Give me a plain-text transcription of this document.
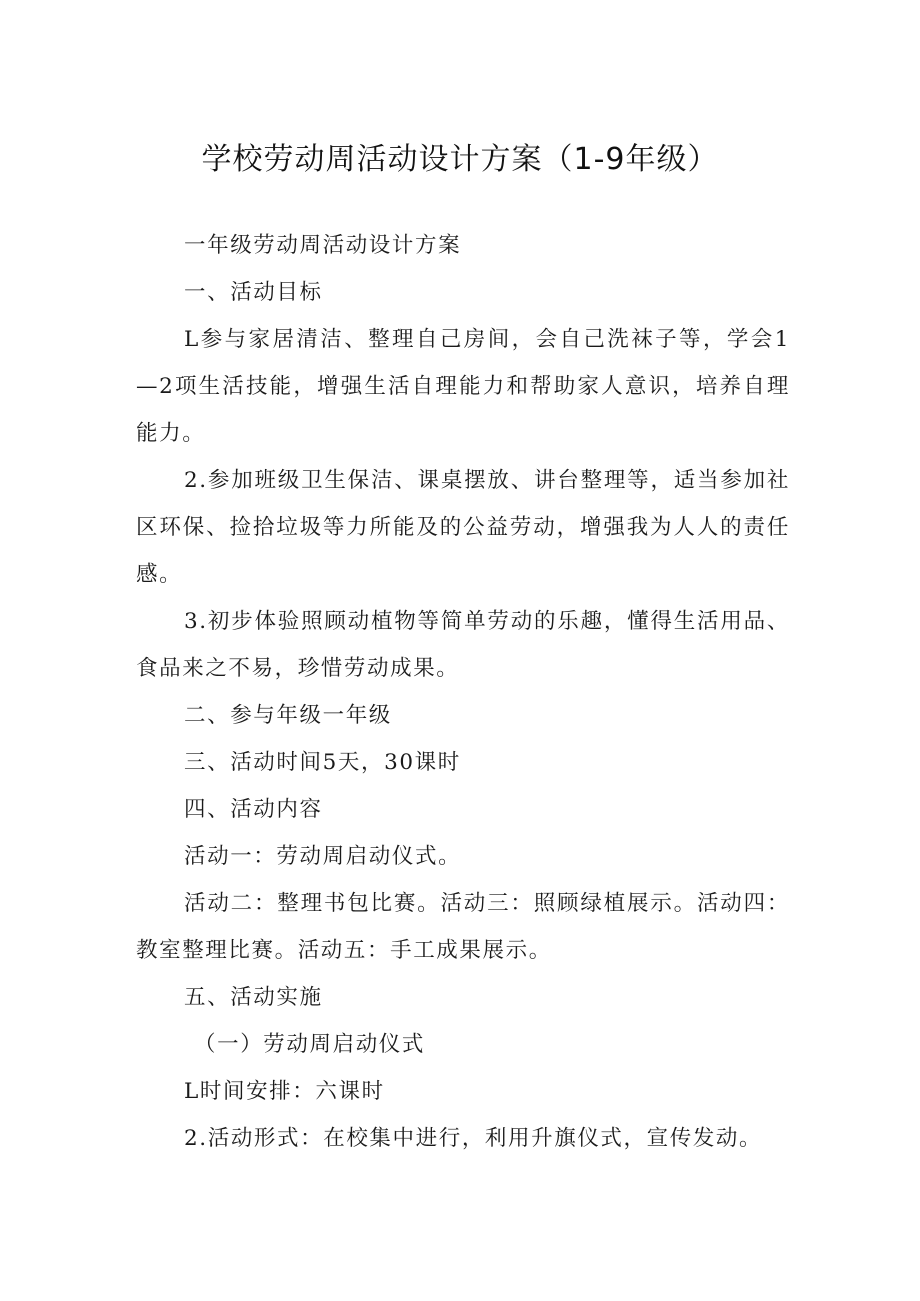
学校劳动周活动设计方案（1-9年级）

一年级劳动周活动设计方案

一、活动目标

L参与家居清洁、整理自己房间，会自己洗袜子等，学会1—2项生活技能，增强生活自理能力和帮助家人意识，培养自理能力。

2.参加班级卫生保洁、课桌摆放、讲台整理等，适当参加社区环保、捡拾垃圾等力所能及的公益劳动，增强我为人人的责任感。

3.初步体验照顾动植物等简单劳动的乐趣，懂得生活用品、食品来之不易，珍惜劳动成果。

二、参与年级一年级

三、活动时间5天，30课时

四、活动内容

活动一：劳动周启动仪式。

活动二：整理书包比赛。活动三：照顾绿植展示。活动四：教室整理比赛。活动五：手工成果展示。

五、活动实施

（一）劳动周启动仪式

L时间安排：六课时

2.活动形式：在校集中进行，利用升旗仪式，宣传发动。
